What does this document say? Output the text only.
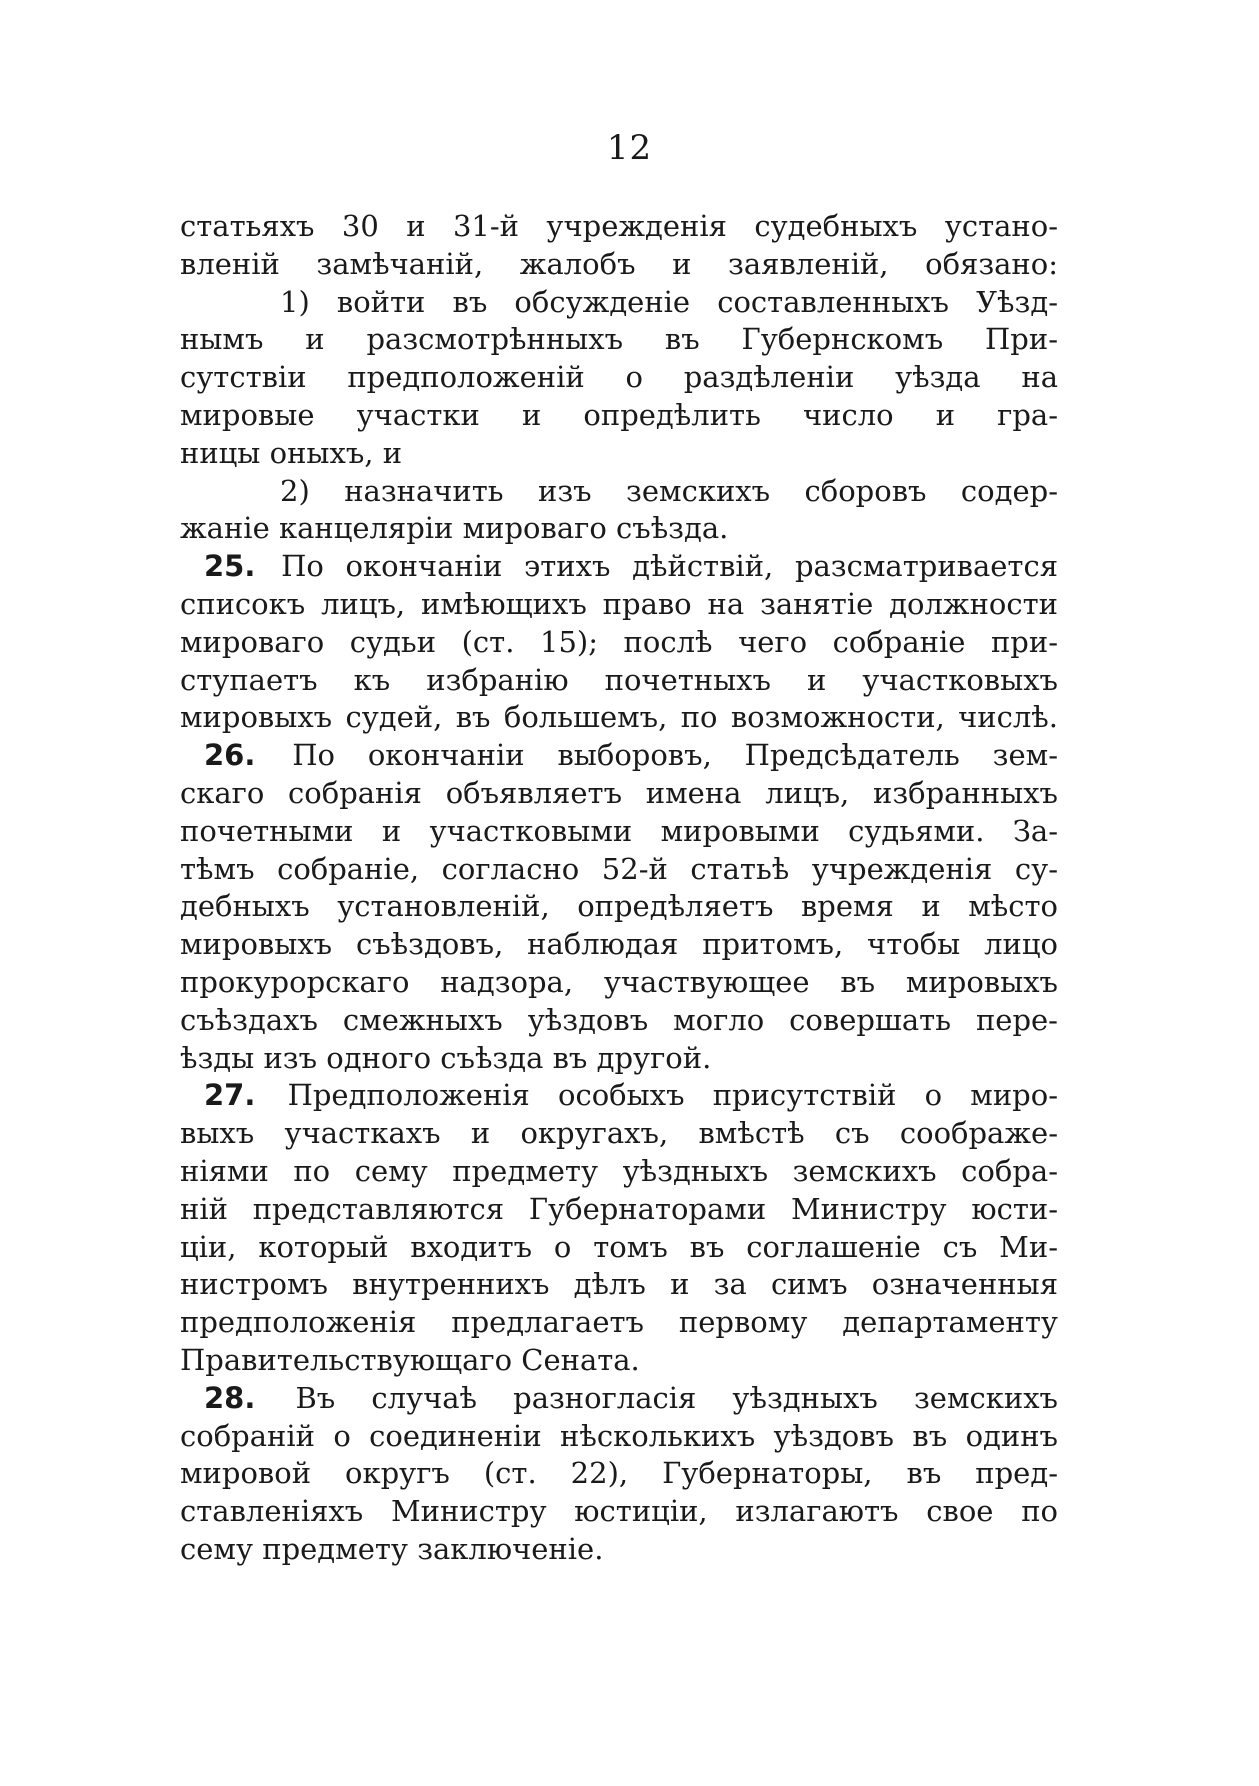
12
статьяхъ 30 и 31-й учрежденія судебныхъ устано-
вленій замѣчаній, жалобъ и заявленій, обязано:
1) войти въ обсужденіе составленныхъ Уѣзд-
нымъ и разсмотрѣнныхъ въ Губернскомъ При-
сутствіи предположеній о раздѣленіи уѣзда на
мировые участки и опредѣлить число и гра-
ницы оныхъ, и
2) назначить изъ земскихъ сборовъ содер-
жаніе канцеляріи мироваго съѣзда.
25. По окончаніи этихъ дѣйствій, разсматривается
списокъ лицъ, имѣющихъ право на занятіе должности
мироваго судьи (ст. 15); послѣ чего собраніе при-
ступаетъ къ избранію почетныхъ и участковыхъ
мировыхъ судей, въ большемъ, по возможности, числѣ.
26. По окончаніи выборовъ, Предсѣдатель зем-
скаго собранія объявляетъ имена лицъ, избранныхъ
почетными и участковыми мировыми судьями. За-
тѣмъ собраніе, согласно 52-й статьѣ учрежденія су-
дебныхъ установленій, опредѣляетъ время и мѣсто
мировыхъ съѣздовъ, наблюдая притомъ, чтобы лицо
прокурорскаго надзора, участвующее въ мировыхъ
съѣздахъ смежныхъ уѣздовъ могло совершать пере-
ѣзды изъ одного съѣзда въ другой.
27. Предположенія особыхъ присутствій о миро-
выхъ участкахъ и округахъ, вмѣстѣ съ соображе-
ніями по сему предмету уѣздныхъ земскихъ собра-
ній представляются Губернаторами Министру юсти-
ціи, который входитъ о томъ въ соглашеніе съ Ми-
нистромъ внутреннихъ дѣлъ и за симъ означенныя
предположенія предлагаетъ первому департаменту
Правительствующаго Сената.
28. Въ случаѣ разногласія уѣздныхъ земскихъ
собраній о соединеніи нѣсколькихъ уѣздовъ въ одинъ
мировой округъ (ст. 22), Губернаторы, въ пред-
ставленіяхъ Министру юстиціи, излагаютъ свое по
сему предмету заключеніе.
